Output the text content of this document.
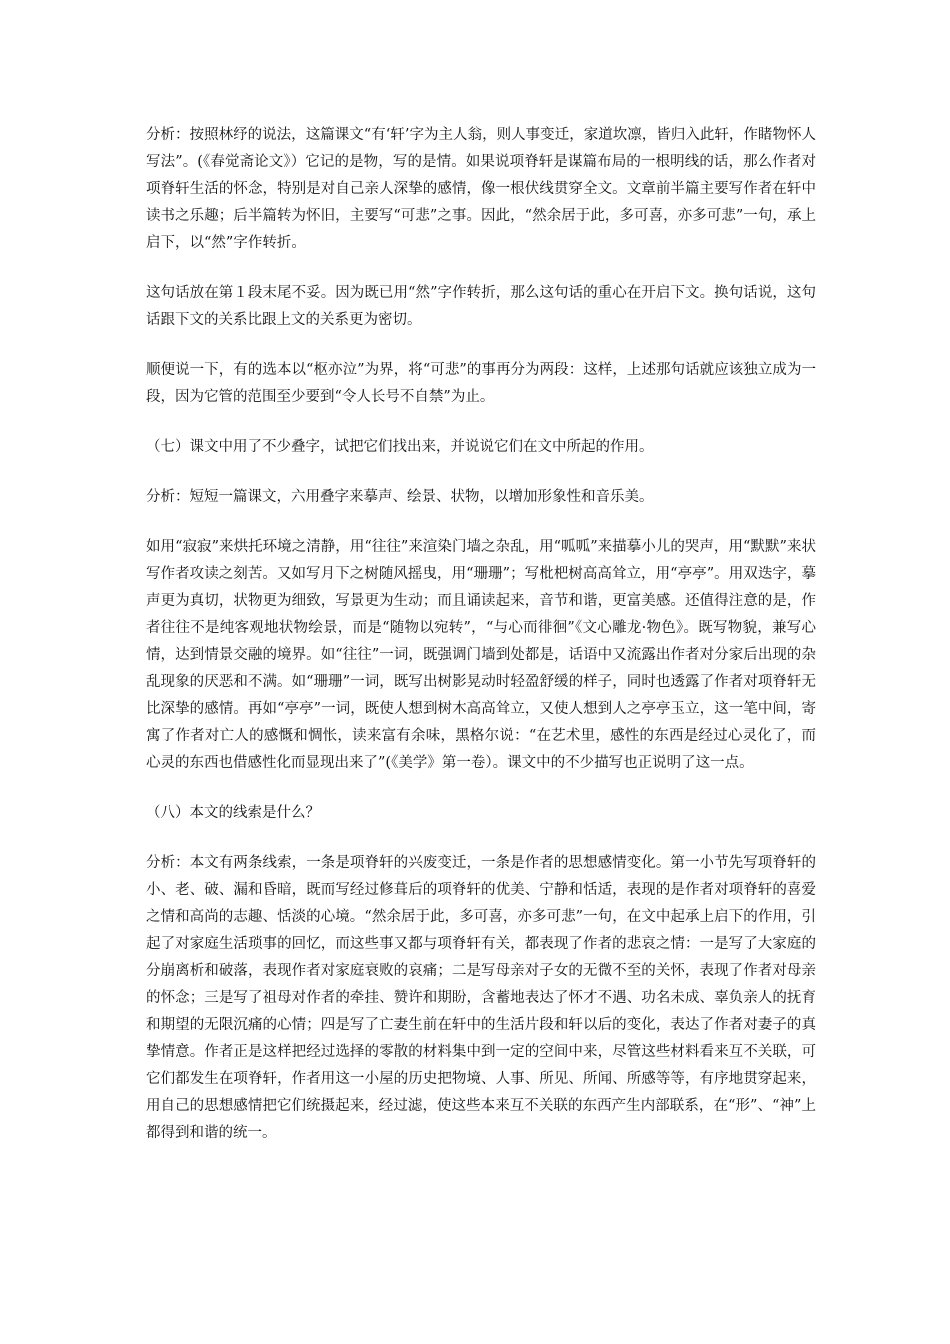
分析：按照林纾的说法，这篇课文“有‘轩’字为主人翁，则人事变迁，家道坎凛，皆归入此轩，作睹物怀人写法”。(《春觉斋论文》）它记的是物，写的是情。如果说项脊轩是谋篇布局的一根明线的话，那么作者对项脊轩生活的怀念，特别是对自己亲人深挚的感情，像一根伏线贯穿全文。文章前半篇主要写作者在轩中读书之乐趣；后半篇转为怀旧，主要写“可悲”之事。因此，“然余居于此，多可喜，亦多可悲”一句，承上启下，以“然”字作转折。

这句话放在第１段末尾不妥。因为既已用“然”字作转折，那么这句话的重心在开启下文。换句话说，这句话跟下文的关系比跟上文的关系更为密切。

顺便说一下，有的选本以“枢亦泣”为界，将“可悲”的事再分为两段：这样，上述那句话就应该独立成为一段，因为它管的范围至少要到“令人长号不自禁”为止。

（七）课文中用了不少叠字，试把它们找出来，并说说它们在文中所起的作用。

分析：短短一篇课文，六用叠字来摹声、绘景、状物，以增加形象性和音乐美。

如用“寂寂”来烘托环境之清静，用“往往”来渲染门墙之杂乱，用“呱呱”来描摹小儿的哭声，用“默默”来状写作者攻读之刻苦。又如写月下之树随风摇曳，用“珊珊”；写枇杷树高高耸立，用“亭亭”。用双迭字，摹声更为真切，状物更为细致，写景更为生动；而且诵读起来，音节和谐，更富美感。还值得注意的是，作者往往不是纯客观地状物绘景，而是“随物以宛转”，“与心而徘徊”《文心雕龙·物色》。既写物貌，兼写心情，达到情景交融的境界。如“往往”一词，既强调门墙到处都是，话语中又流露出作者对分家后出现的杂乱现象的厌恶和不满。如“珊珊”一词，既写出树影晃动时轻盈舒缓的样子，同时也透露了作者对项脊轩无比深挚的感情。再如“亭亭”一词，既使人想到树木高高耸立，又使人想到人之亭亭玉立，这一笔中间，寄寓了作者对亡人的感慨和惆怅，读来富有余味，黑格尔说：“在艺术里，感性的东西是经过心灵化了，而心灵的东西也借感性化而显现出来了”(《美学》第一卷）。课文中的不少描写也正说明了这一点。

（八）本文的线索是什么？

分析：本文有两条线索，一条是项脊轩的兴废变迁，一条是作者的思想感情变化。第一小节先写项脊轩的小、老、破、漏和昏暗，既而写经过修葺后的项脊轩的优美、宁静和恬适，表现的是作者对项脊轩的喜爱之情和高尚的志趣、恬淡的心境。“然余居于此，多可喜，亦多可悲”一句，在文中起承上启下的作用，引起了对家庭生活琐事的回忆，而这些事又都与项脊轩有关，都表现了作者的悲哀之情：一是写了大家庭的分崩离析和破落，表现作者对家庭衰败的哀痛；二是写母亲对子女的无微不至的关怀，表现了作者对母亲的怀念；三是写了祖母对作者的牵挂、赞许和期盼，含蓄地表达了怀才不遇、功名未成、辜负亲人的抚育和期望的无限沉痛的心情；四是写了亡妻生前在轩中的生活片段和轩以后的变化，表达了作者对妻子的真挚情意。作者正是这样把经过选择的零散的材料集中到一定的空间中来，尽管这些材料看来互不关联，可它们都发生在项脊轩，作者用这一小屋的历史把物境、人事、所见、所闻、所感等等，有序地贯穿起来，用自己的思想感情把它们统摄起来，经过滤，使这些本来互不关联的东西产生内部联系，在“形”、“神”上都得到和谐的统一。
